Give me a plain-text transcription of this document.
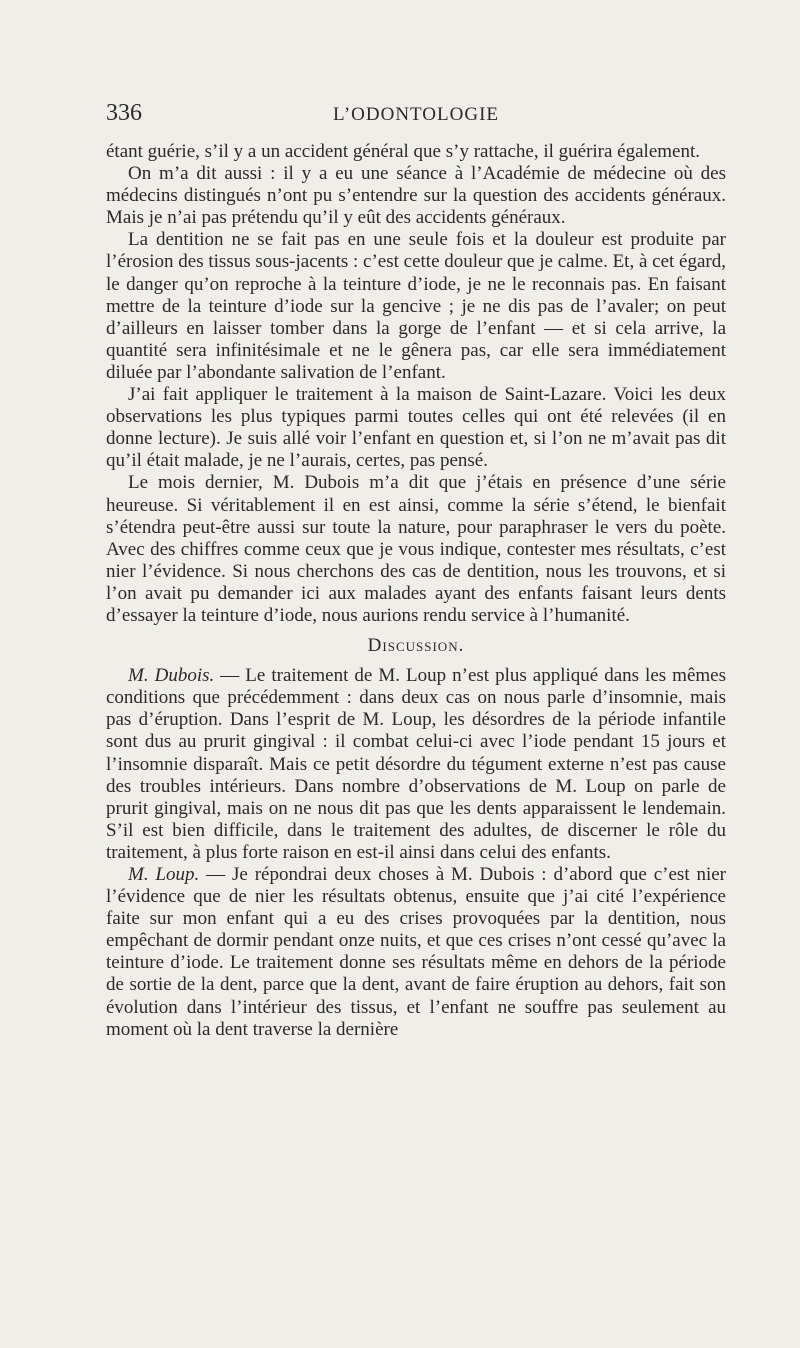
336	L’ODONTOLOGIE

étant guérie, s’il y a un accident général que s’y rattache, il guérira également.

On m’a dit aussi : il y a eu une séance à l’Académie de médecine où des médecins distingués n’ont pu s’entendre sur la question des accidents généraux. Mais je n’ai pas prétendu qu’il y eût des accidents généraux.

La dentition ne se fait pas en une seule fois et la douleur est produite par l’érosion des tissus sous-jacents : c’est cette douleur que je calme. Et, à cet égard, le danger qu’on reproche à la teinture d’iode, je ne le reconnais pas. En faisant mettre de la teinture d’iode sur la gencive ; je ne dis pas de l’avaler; on peut d’ailleurs en laisser tomber dans la gorge de l’enfant — et si cela arrive, la quantité sera infinitésimale et ne le gênera pas, car elle sera immédiatement diluée par l’abondante salivation de l’enfant.

J’ai fait appliquer le traitement à la maison de Saint-Lazare. Voici les deux observations les plus typiques parmi toutes celles qui ont été relevées (il en donne lecture). Je suis allé voir l’enfant en question et, si l’on ne m’avait pas dit qu’il était malade, je ne l’aurais, certes, pas pensé.

Le mois dernier, M. Dubois m’a dit que j’étais en présence d’une série heureuse. Si véritablement il en est ainsi, comme la série s’étend, le bienfait s’étendra peut-être aussi sur toute la nature, pour paraphraser le vers du poète. Avec des chiffres comme ceux que je vous indique, contester mes résultats, c’est nier l’évidence. Si nous cherchons des cas de dentition, nous les trouvons, et si l’on avait pu demander ici aux malades ayant des enfants faisant leurs dents d’essayer la teinture d’iode, nous aurions rendu service à l’humanité.

Discussion.

M. Dubois. — Le traitement de M. Loup n’est plus appliqué dans les mêmes conditions que précédemment : dans deux cas on nous parle d’insomnie, mais pas d’éruption. Dans l’esprit de M. Loup, les désordres de la période infantile sont dus au prurit gingival : il combat celui-ci avec l’iode pendant 15 jours et l’insomnie disparaît. Mais ce petit désordre du tégument externe n’est pas cause des troubles intérieurs. Dans nombre d’observations de M. Loup on parle de prurit gingival, mais on ne nous dit pas que les dents apparaissent le lendemain. S’il est bien difficile, dans le traitement des adultes, de discerner le rôle du traitement, à plus forte raison en est-il ainsi dans celui des enfants.

M. Loup. — Je répondrai deux choses à M. Dubois : d’abord que c’est nier l’évidence que de nier les résultats obtenus, ensuite que j’ai cité l’expérience faite sur mon enfant qui a eu des crises provoquées par la dentition, nous empêchant de dormir pendant onze nuits, et que ces crises n’ont cessé qu’avec la teinture d’iode. Le traitement donne ses résultats même en dehors de la période de sortie de la dent, parce que la dent, avant de faire éruption au dehors, fait son évolution dans l’intérieur des tissus, et l’enfant ne souffre pas seulement au moment où la dent traverse la dernière
